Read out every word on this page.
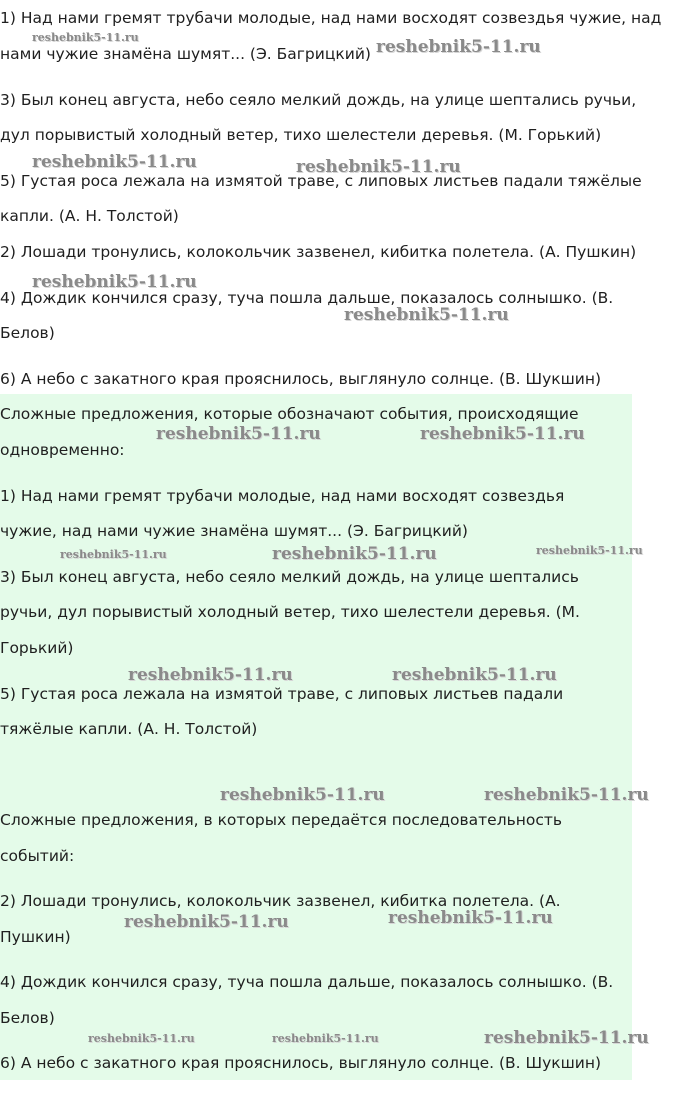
1) Над нами гремят трубачи молодые, над нами восходят созвездья чужие, над

нами чужие знамёна шумят... (Э. Багрицкий)

3) Был конец августа, небо сеяло мелкий дождь, на улице шептались ручьи,

дул порывистый холодный ветер, тихо шелестели деревья. (М. Горький)

5) Густая роса лежала на измятой траве, с липовых листьев падали тяжёлые

капли. (А. Н. Толстой)

2) Лошади тронулись, колокольчик зазвенел, кибитка полетела. (А. Пушкин)

4) Дождик кончился сразу, туча пошла дальше, показалось солнышко. (В.

Белов)

6) А небо с закатного края прояснилось, выглянуло солнце. (В. Шукшин)

Сложные предложения, которые обозначают события, происходящие

одновременно:

1) Над нами гремят трубачи молодые, над нами восходят созвездья

чужие, над нами чужие знамёна шумят... (Э. Багрицкий)

3) Был конец августа, небо сеяло мелкий дождь, на улице шептались

ручьи, дул порывистый холодный ветер, тихо шелестели деревья. (М.

Горький)

5) Густая роса лежала на измятой траве, с липовых листьев падали

тяжёлые капли. (А. Н. Толстой)

Сложные предложения, в которых передаётся последовательность

событий:

2) Лошади тронулись, колокольчик зазвенел, кибитка полетела. (А.

Пушкин)

4) Дождик кончился сразу, туча пошла дальше, показалось солнышко. (В.

Белов)

6) А небо с закатного края прояснилось, выглянуло солнце. (В. Шукшин)

reshebnik5-11.ru	reshebnik5-11.ru
reshebnik5-11.ru	reshebnik5-11.ru
reshebnik5-11.ru
reshebnik5-11.ru
reshebnik5-11.ru	reshebnik5-11.ru
reshebnik5-11.ru	reshebnik5-11.ru	reshebnik5-11.ru
reshebnik5-11.ru	reshebnik5-11.ru
reshebnik5-11.ru	reshebnik5-11.ru
reshebnik5-11.ru	reshebnik5-11.ru
reshebnik5-11.ru	reshebnik5-11.ru	reshebnik5-11.ru
